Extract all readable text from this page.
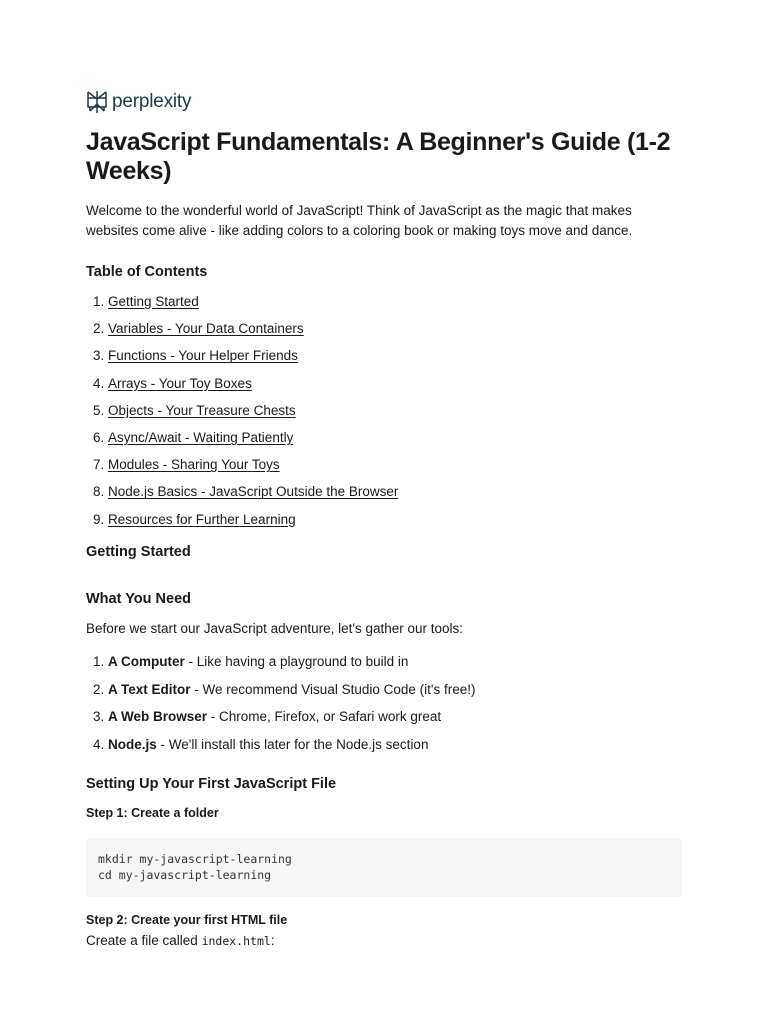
perplexity
JavaScript Fundamentals: A Beginner's Guide (1-2 Weeks)

Welcome to the wonderful world of JavaScript! Think of JavaScript as the magic that makes websites come alive - like adding colors to a coloring book or making toys move and dance.

Table of Contents
1. Getting Started
2. Variables - Your Data Containers
3. Functions - Your Helper Friends
4. Arrays - Your Toy Boxes
5. Objects - Your Treasure Chests
6. Async/Await - Waiting Patiently
7. Modules - Sharing Your Toys
8. Node.js Basics - JavaScript Outside the Browser
9. Resources for Further Learning
Getting Started
What You Need

Before we start our JavaScript adventure, let's gather our tools:

1. A Computer - Like having a playground to build in
2. A Text Editor - We recommend Visual Studio Code (it's free!)
3. A Web Browser - Chrome, Firefox, or Safari work great
4. Node.js - We'll install this later for the Node.js section
Setting Up Your First JavaScript File

Step 1: Create a folder

mkdir my-javascript-learning
cd my-javascript-learning

Step 2: Create your first HTML file

Create a file called index.html:
